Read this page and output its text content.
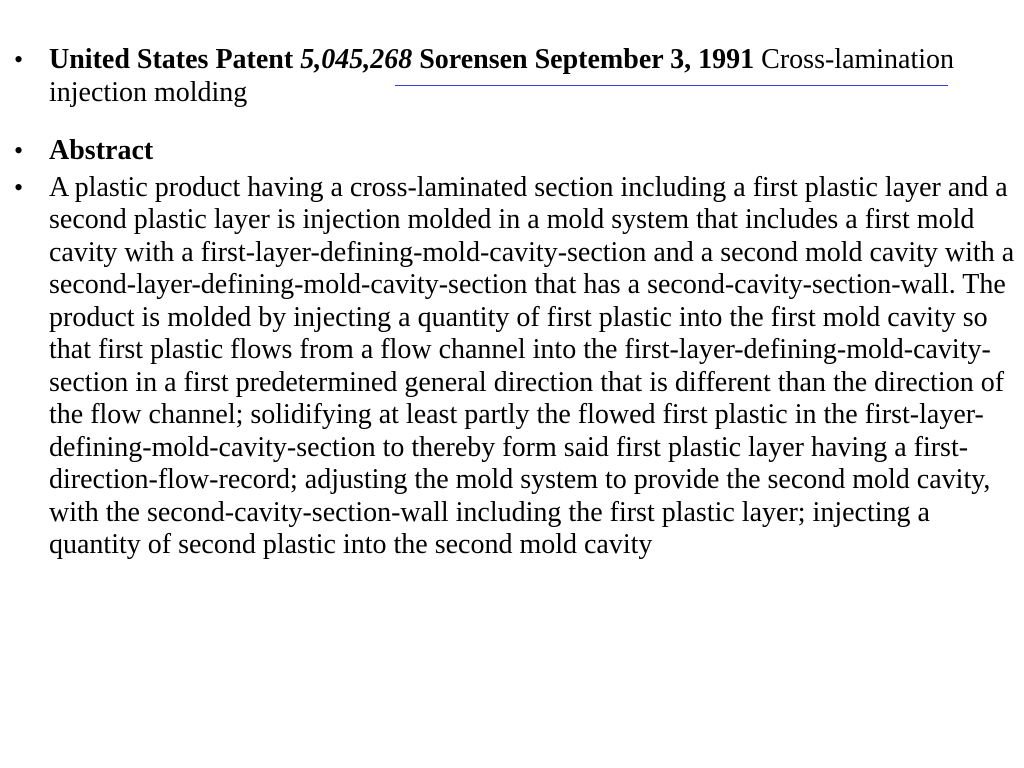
• United States Patent 5,045,268 Sorensen September 3, 1991 Cross-lamination injection molding
• Abstract
• A plastic product having a cross-laminated section including a first plastic layer and a second plastic layer is injection molded in a mold system that includes a first mold cavity with a first-layer-defining-mold-cavity-section and a second mold cavity with a second-layer-defining-mold-cavity-section that has a second-cavity-section-wall. The product is molded by injecting a quantity of first plastic into the first mold cavity so that first plastic flows from a flow channel into the first-layer-defining-mold-cavity-section in a first predetermined general direction that is different than the direction of the flow channel; solidifying at least partly the flowed first plastic in the first-layer-defining-mold-cavity-section to thereby form said first plastic layer having a first-direction-flow-record; adjusting the mold system to provide the second mold cavity, with the second-cavity-section-wall including the first plastic layer; injecting a quantity of second plastic into the second mold cavity
